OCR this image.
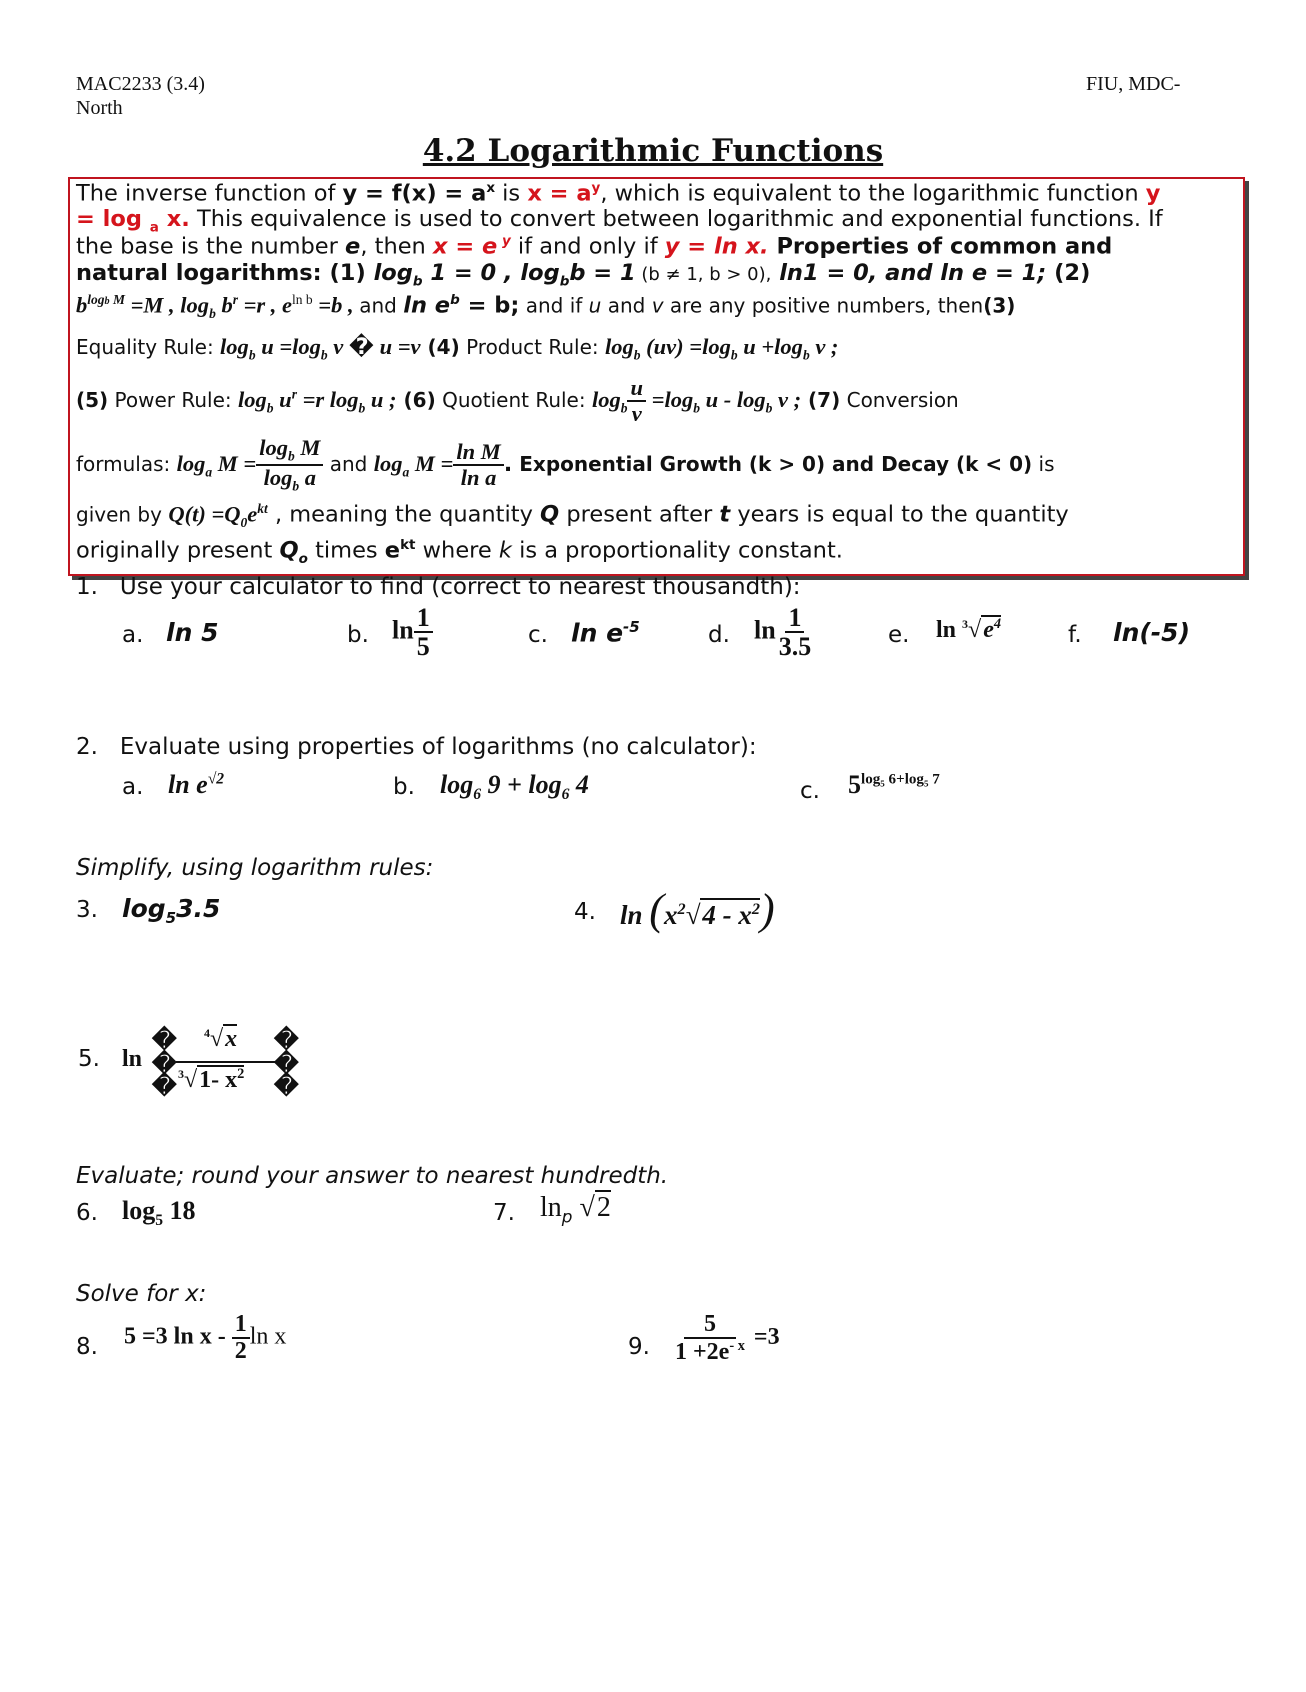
MAC2233 (3.4)
North
FIU, MDC-
4.2 Logarithmic Functions
The inverse function of $y = f(x) = a^x$ is $x = a^y$, which is equivalent to the logarithmic function y
= log $_a$ x. This equivalence is used to convert between logarithmic and exponential functions. If
the base is the number e, then x = e $^y$ if and only if y = ln x. Properties of common and
natural logarithms: (1) $\log_b 1 = 0$ , $\log_bb = 1$ (b ≠ 1, b > 0), ln1 = 0, and ln e = 1; (2)
$b^{logb}$ $^M$ =M , $\log_b b^r =r$ , $e^{ln b} =b$ , and $\ln e^b = b$; and if u and v are any positive numbers, then(3)
Equality Rule: $\log_b u =\log_b$ v � u =v (4) Product Rule: $\log_b (uv) =\log_b$ $u +\log_b$ v ;
(5) Power Rule: $\log_b u^r =r$ $\log_b u$ ; (6) Quotient Rule: $\log_b \frac{u}{v} =\log_b$ u - $\log_b v$ ; (7) Conversion
formulas: $\log_a M = \frac{\log_b M}{\log_b a}$ and $\log_a M = \frac{\text{ln M}}{\text{ln a}}$ . Exponential Growth (k > 0) and Decay (k < 0) is
given by $Q(t) =Q_0e^{kt}$ , meaning the quantity Q present after t years is equal to the quantity
originally present $Q_o$ times $e^{kt}$ where k is a proportionality constant.
1. Use your calculator to find (correct to nearest thousandth):
a. ln 5	b. $\ln \frac{1}{5}$	c. $\ln e^{-5}$	d. $\ln \frac{1}{3.5}$	e. $\ln ^3√e^4$	f. ln(-5)
2. Evaluate using properties of logarithms (no calculator):
a. $\ln e^{√2}$	b. $\log_6 9 + \log_6 4$	c. $5^{log_5 6+log_5 7}$
Simplify, using logarithm rules:
3. $\log_53.5$	4. $\ln (x^2√4 - x^2)$
5. ln
�
�
�
$^4$√x
$^3$√1- $x^2$
�
�
�
Evaluate; round your answer to nearest hundredth.
6. $\log_5 18$	7. $\ln_p √2$
Solve for x:
8. 5 =3 ln x - $\frac{1}{2}$ ln x	9. $\frac{5}{1 +2e^{- x}} =3$
